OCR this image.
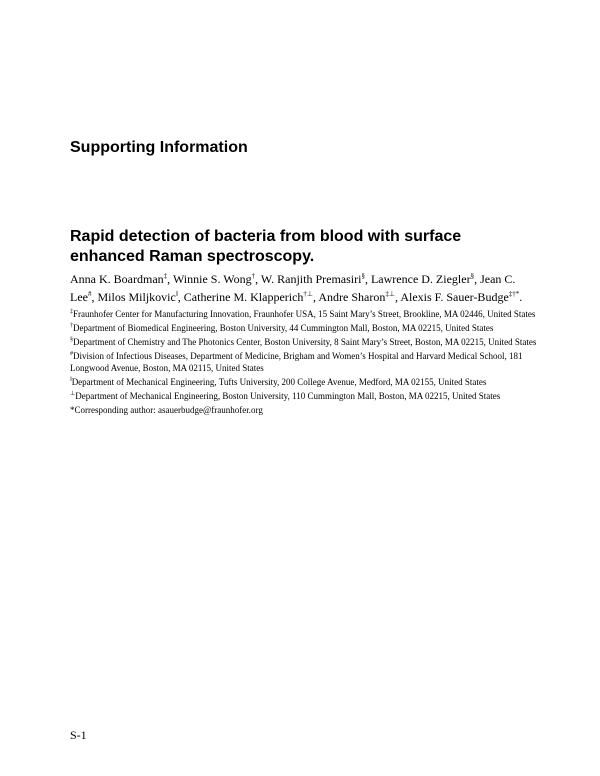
Supporting Information
Rapid detection of bacteria from blood with surface
enhanced Raman spectroscopy.
Anna K. Boardman‡, Winnie S. Wong†, W. Ranjith Premasiri§, Lawrence D. Ziegler§, Jean C. Lee#, Milos Miljkovic$^ǁ$, Catherine M. Klapperich†⊥, Andre Sharon‡⊥, Alexis F. Sauer-Budge‡†*.
‡Fraunhofer Center for Manufacturing Innovation, Fraunhofer USA, 15 Saint Mary’s Street, Brookline, MA 02446, United States
†Department of Biomedical Engineering, Boston University, 44 Cummington Mall, Boston, MA 02215, United States
§Department of Chemistry and The Photonics Center, Boston University, 8 Saint Mary’s Street, Boston, MA 02215, United States
#Division of Infectious Diseases, Department of Medicine, Brigham and Women’s Hospital and Harvard Medical School, 181 Longwood Avenue, Boston, MA 02115, United States
$^ǁ$Department of Mechanical Engineering, Tufts University, 200 College Avenue, Medford, MA 02155, United States
⊥Department of Mechanical Engineering, Boston University, 110 Cummington Mall, Boston, MA 02215, United States
*Corresponding author: asauerbudge@fraunhofer.org
S-1
